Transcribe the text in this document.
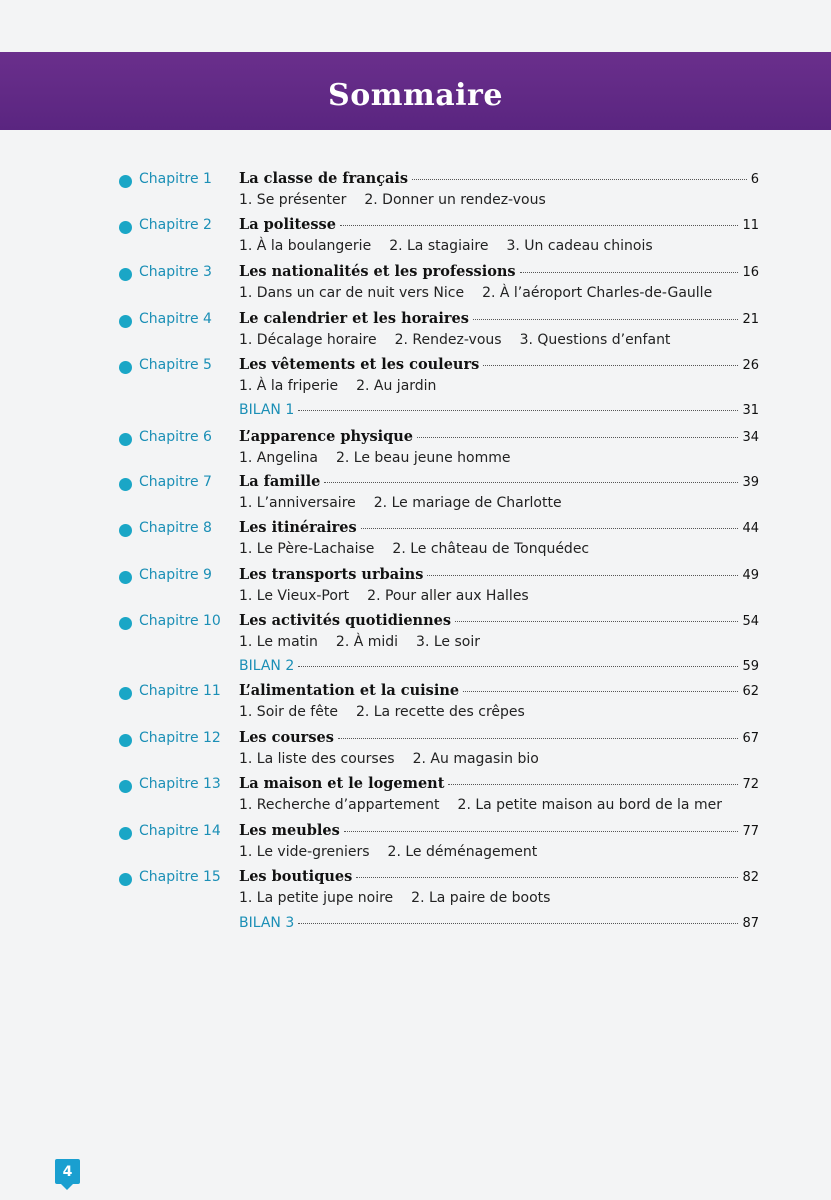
Sommaire
Chapitre 1 La classe de français	6
1. Se présenter 2. Donner un rendez-vous
Chapitre 2 La politesse	11
1. À la boulangerie 2. La stagiaire 3. Un cadeau chinois
Chapitre 3 Les nationalités et les professions	16
1. Dans un car de nuit vers Nice 2. À l’aéroport Charles-de-Gaulle
Chapitre 4 Le calendrier et les horaires	21
1. Décalage horaire 2. Rendez-vous 3. Questions d’enfant
Chapitre 5 Les vêtements et les couleurs	26
1. À la friperie 2. Au jardin
BILAN 1	31
Chapitre 6 L’apparence physique	34
1. Angelina 2. Le beau jeune homme
Chapitre 7 La famille	39
1. L’anniversaire 2. Le mariage de Charlotte
Chapitre 8 Les itinéraires	44
1. Le Père-Lachaise 2. Le château de Tonquédec
Chapitre 9 Les transports urbains	49
1. Le Vieux-Port 2. Pour aller aux Halles
Chapitre 10 Les activités quotidiennes	54
1. Le matin 2. À midi 3. Le soir
BILAN 2	59
Chapitre 11 L’alimentation et la cuisine	62
1. Soir de fête 2. La recette des crêpes
Chapitre 12 Les courses	67
1. La liste des courses 2. Au magasin bio
Chapitre 13 La maison et le logement	72
1. Recherche d’appartement 2. La petite maison au bord de la mer
Chapitre 14 Les meubles	77
1. Le vide-greniers 2. Le déménagement
Chapitre 15 Les boutiques	82
1. La petite jupe noire 2. La paire de boots
BILAN 3	87
4
